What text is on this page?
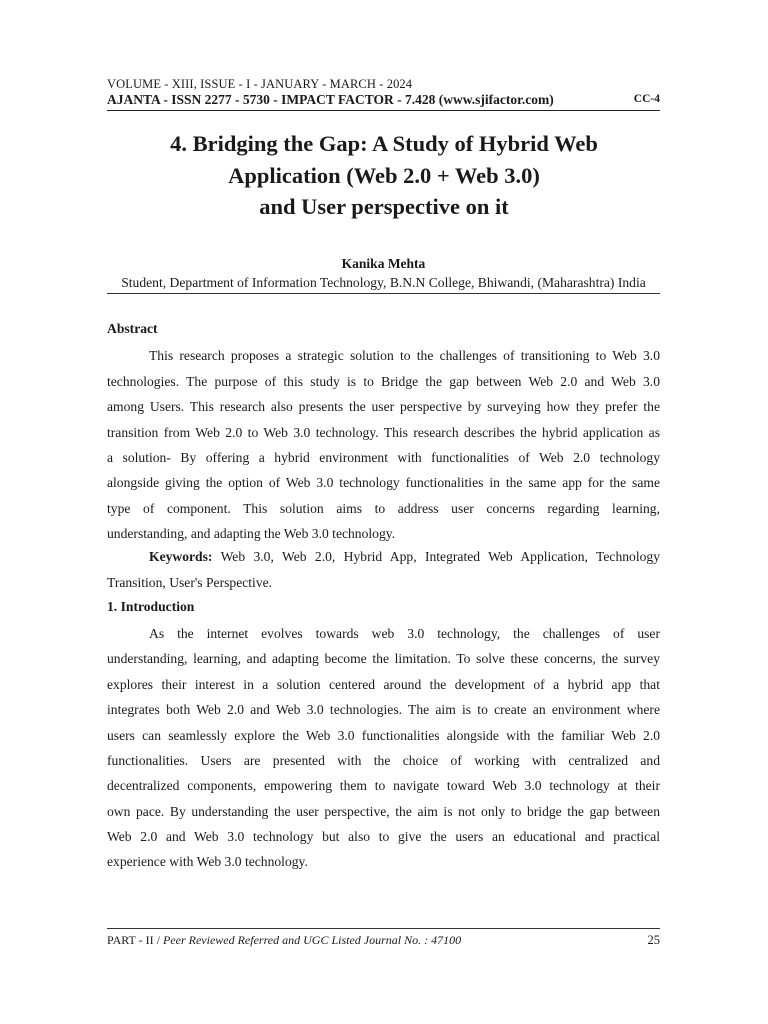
VOLUME - XIII, ISSUE - I - JANUARY - MARCH - 2024
AJANTA - ISSN 2277 - 5730 - IMPACT FACTOR - 7.428 (www.sjifactor.com)	CC-4
4. Bridging the Gap: A Study of Hybrid Web
Application (Web 2.0 + Web 3.0)
and User perspective on it
Kanika Mehta
Student, Department of Information Technology, B.N.N College, Bhiwandi, (Maharashtra) India
Abstract
This research proposes a strategic solution to the challenges of transitioning to Web 3.0
technologies. The purpose of this study is to Bridge the gap between Web 2.0 and Web 3.0
among Users. This research also presents the user perspective by surveying how they prefer the
transition from Web 2.0 to Web 3.0 technology. This research describes the hybrid application as
a solution- By offering a hybrid environment with functionalities of Web 2.0 technology
alongside giving the option of Web 3.0 technology functionalities in the same app for the same
type of component. This solution aims to address user concerns regarding learning,
understanding, and adapting the Web 3.0 technology.
Keywords: Web 3.0, Web 2.0, Hybrid App, Integrated Web Application, Technology
Transition, User's Perspective.
1. Introduction
As the internet evolves towards web 3.0 technology, the challenges of user
understanding, learning, and adapting become the limitation. To solve these concerns, the survey
explores their interest in a solution centered around the development of a hybrid app that
integrates both Web 2.0 and Web 3.0 technologies. The aim is to create an environment where
users can seamlessly explore the Web 3.0 functionalities alongside with the familiar Web 2.0
functionalities. Users are presented with the choice of working with centralized and
decentralized components, empowering them to navigate toward Web 3.0 technology at their
own pace. By understanding the user perspective, the aim is not only to bridge the gap between
Web 2.0 and Web 3.0 technology but also to give the users an educational and practical
experience with Web 3.0 technology.
PART - II / Peer Reviewed Referred and UGC Listed Journal No. : 47100	25
